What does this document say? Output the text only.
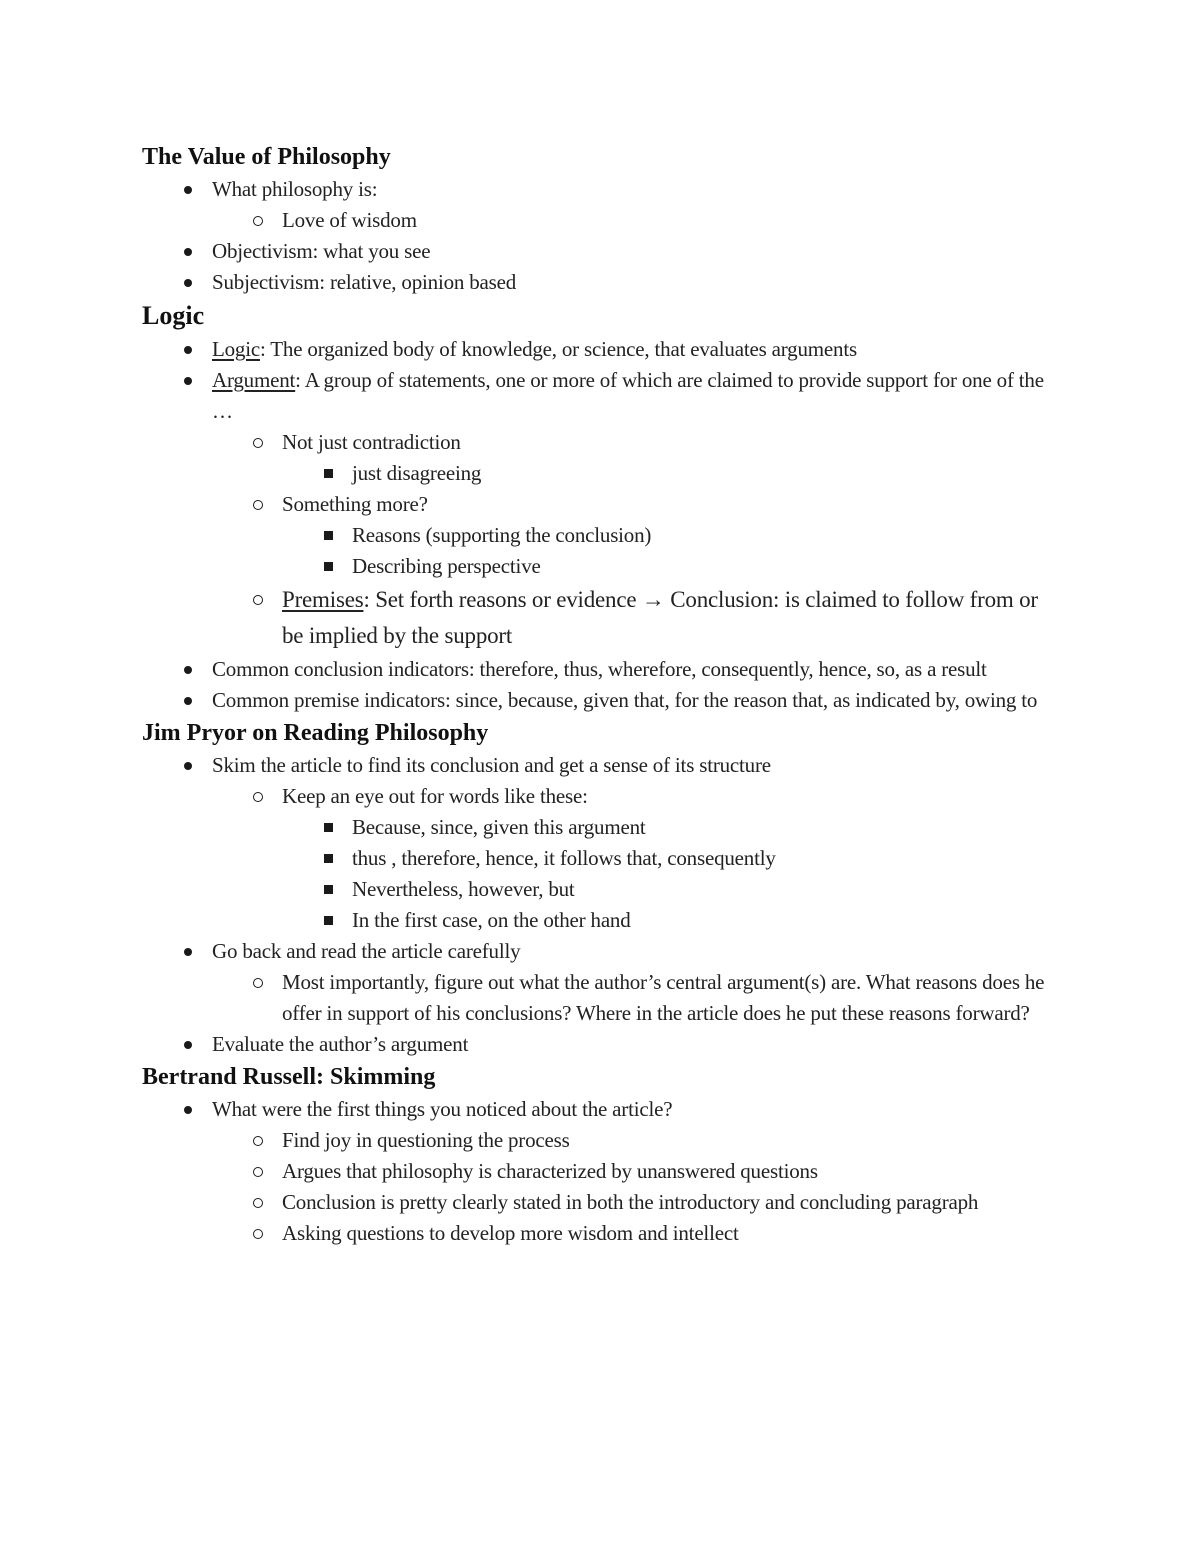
The Value of Philosophy
What philosophy is:
Love of wisdom
Objectivism: what you see
Subjectivism: relative, opinion based
Logic
Logic: The organized body of knowledge, or science, that evaluates arguments
Argument: A group of statements, one or more of which are claimed to provide support for one of the …
Not just contradiction
just disagreeing
Something more?
Reasons (supporting the conclusion)
Describing perspective
Premises: Set forth reasons or evidence → Conclusion: is claimed to follow from or be implied by the support
Common conclusion indicators: therefore, thus, wherefore, consequently, hence, so, as a result
Common premise indicators: since, because, given that, for the reason that, as indicated by, owing to
Jim Pryor on Reading Philosophy
Skim the article to find its conclusion and get a sense of its structure
Keep an eye out for words like these:
Because, since, given this argument
thus , therefore, hence, it follows that, consequently
Nevertheless, however, but
In the first case, on the other hand
Go back and read the article carefully
Most importantly, figure out what the author’s central argument(s) are. What reasons does he offer in support of his conclusions? Where in the article does he put these reasons forward?
Evaluate the author’s argument
Bertrand Russell: Skimming
What were the first things you noticed about the article?
Find joy in questioning the process
Argues that philosophy is characterized by unanswered questions
Conclusion is pretty clearly stated in both the introductory and concluding paragraph
Asking questions to develop more wisdom and intellect
